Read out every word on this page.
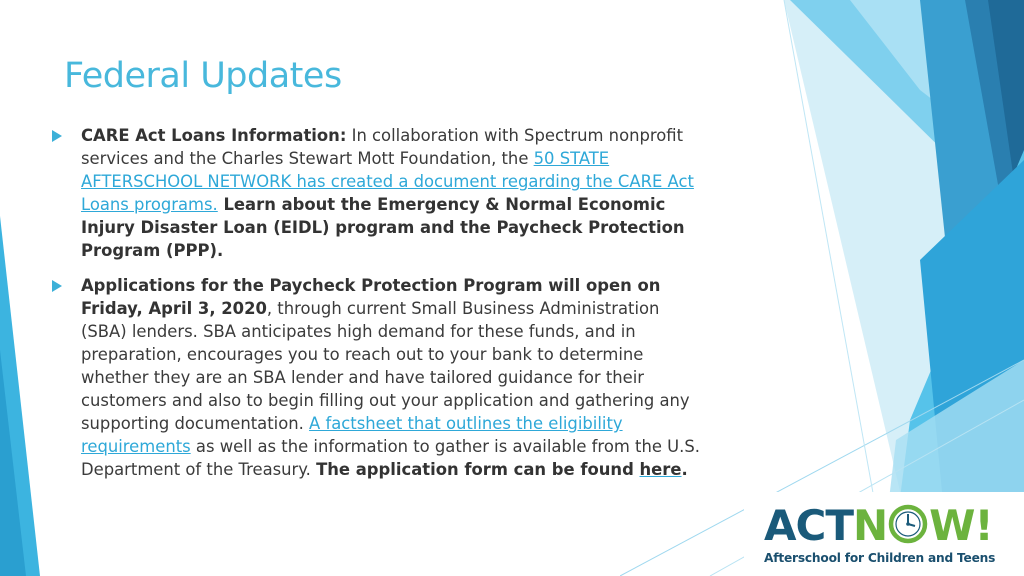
Federal Updates
CARE Act Loans Information: In collaboration with Spectrum nonprofit services and the Charles Stewart Mott Foundation, the 50 STATE AFTERSCHOOL NETWORK has created a document regarding the CARE Act Loans programs. Learn about the Emergency & Normal Economic Injury Disaster Loan (EIDL) program and the Paycheck Protection Program (PPP).
Applications for the Paycheck Protection Program will open on Friday, April 3, 2020, through current Small Business Administration (SBA) lenders. SBA anticipates high demand for these funds, and in preparation, encourages you to reach out to your bank to determine whether they are an SBA lender and have tailored guidance for their customers and also to begin filling out your application and gathering any supporting documentation. A factsheet that outlines the eligibility requirements as well as the information to gather is available from the U.S. Department of the Treasury. The application form can be found here.
ACTN W!
Afterschool for Children and Teens
